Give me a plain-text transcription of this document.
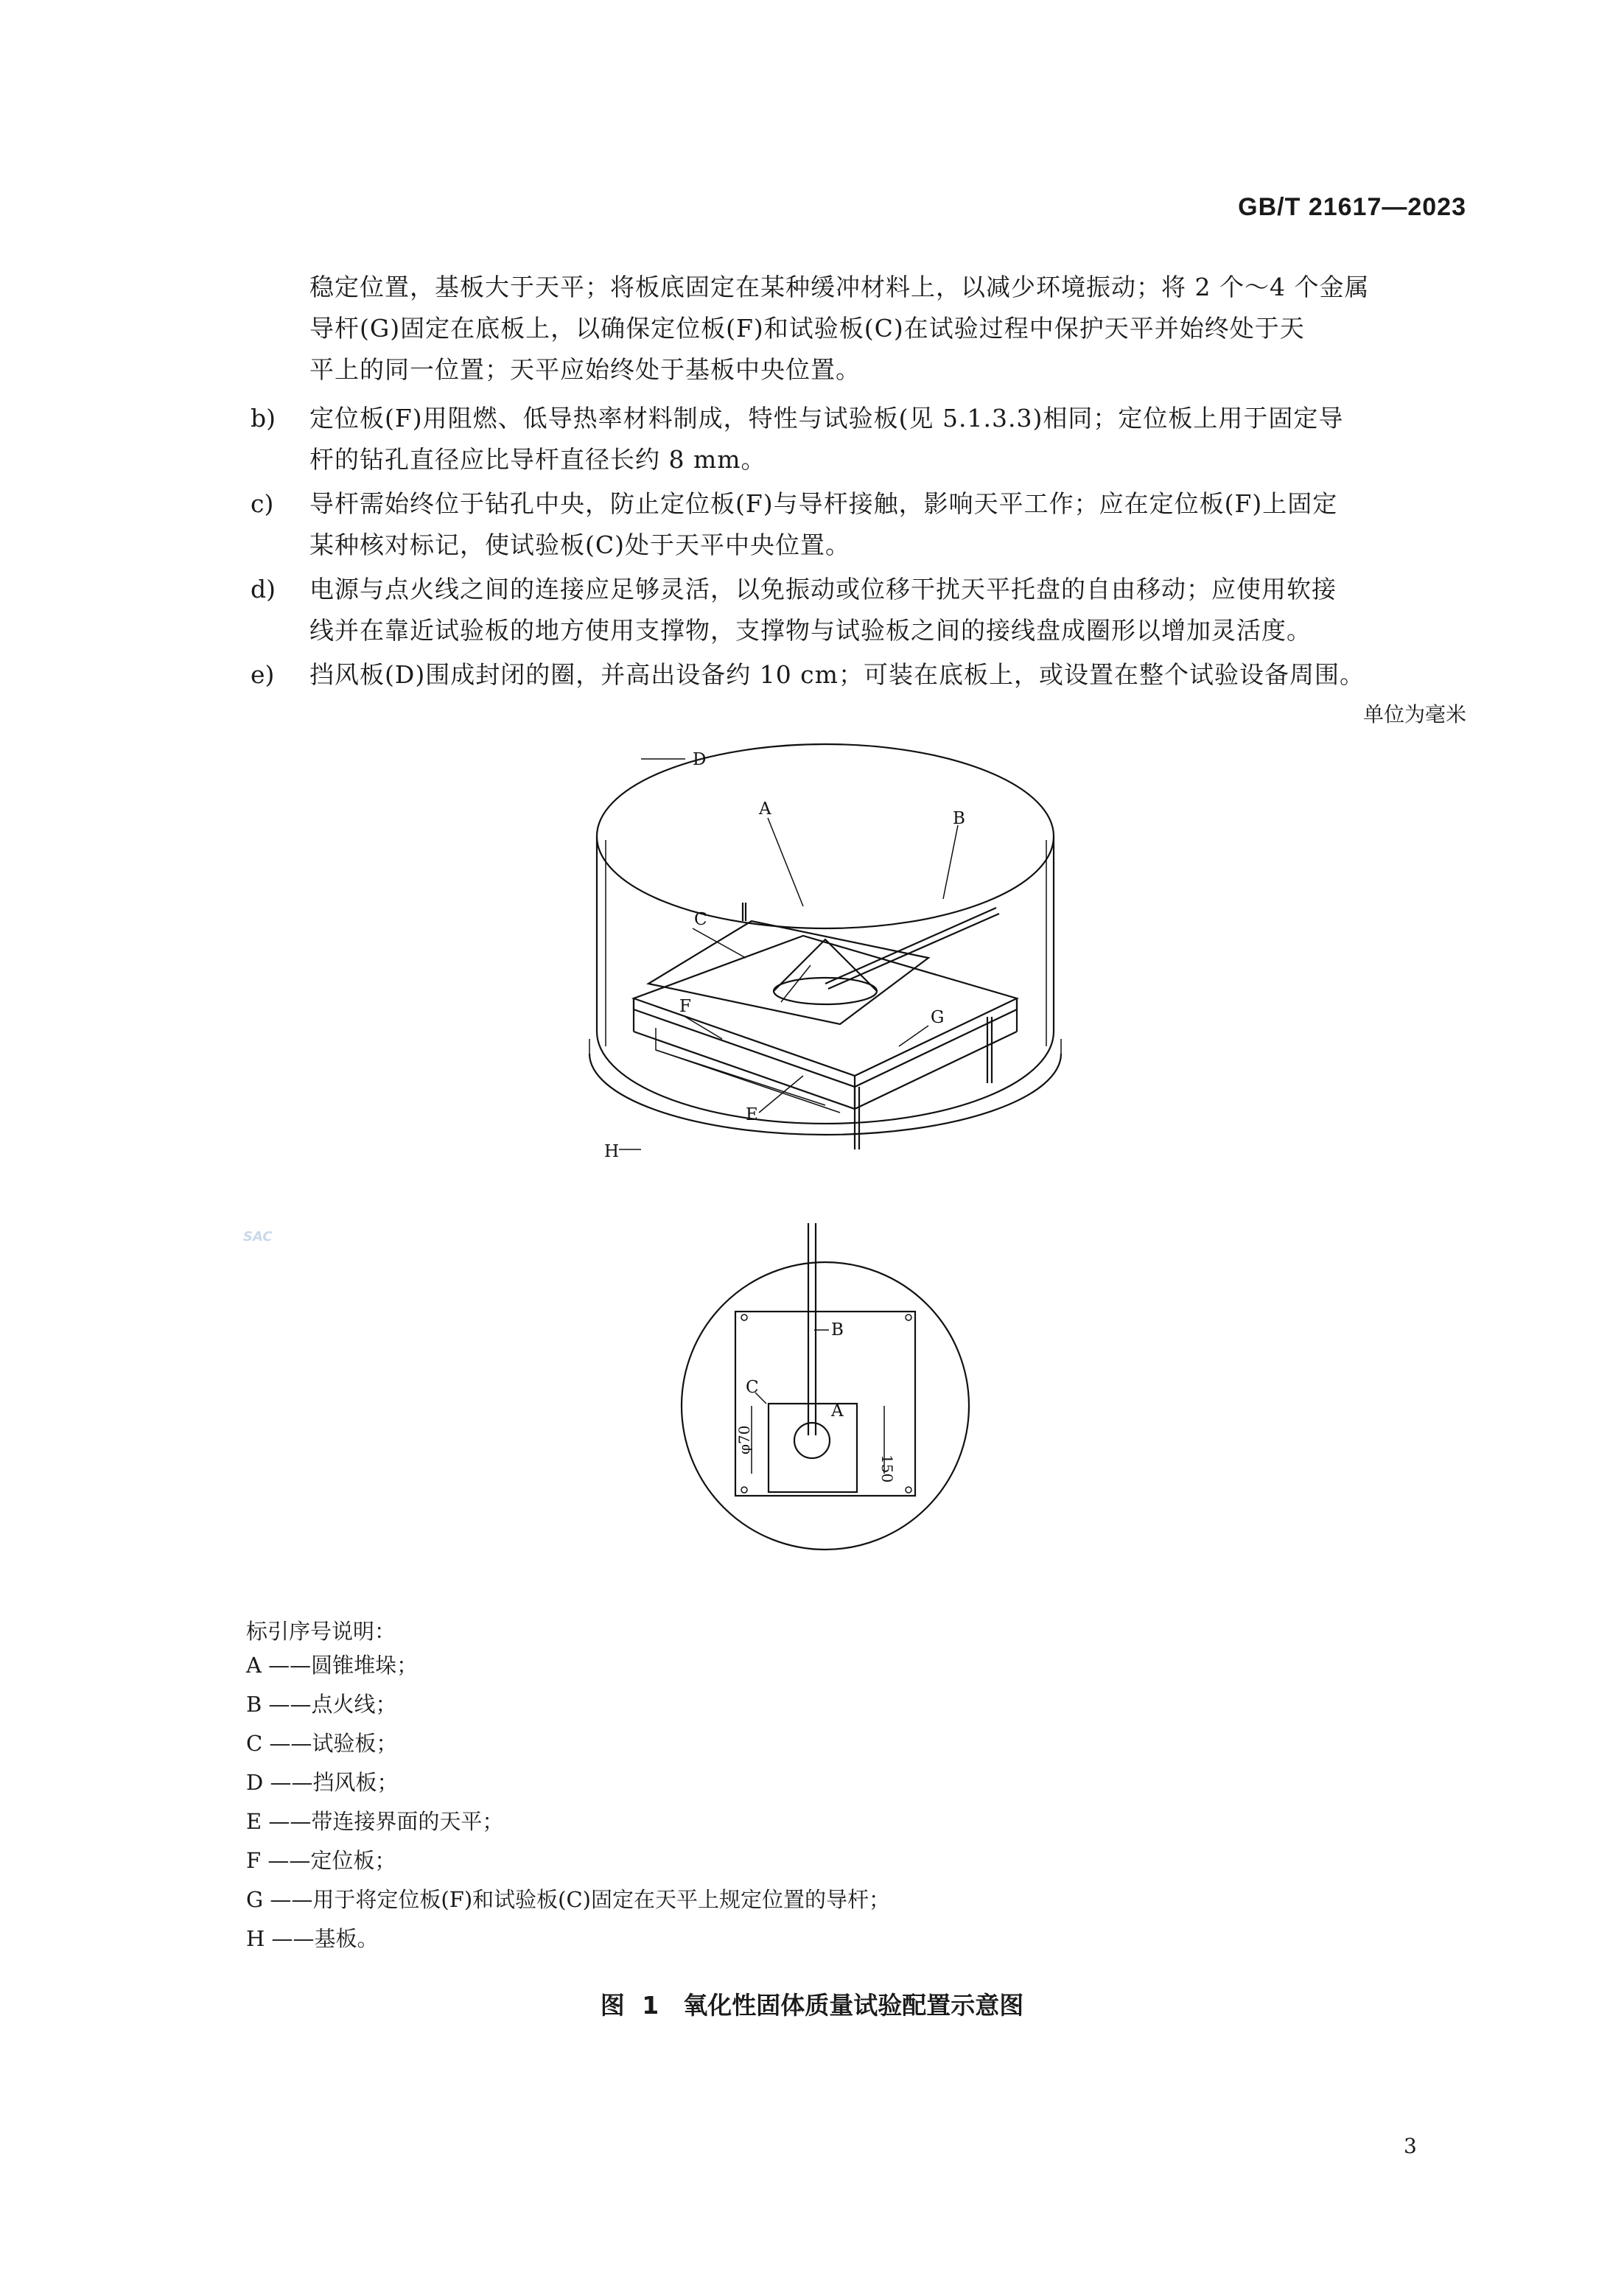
GB/T 21617—2023
稳定位置，基板大于天平；将板底固定在某种缓冲材料上，以减少环境振动；将 2 个～4 个金属
导杆(G)固定在底板上，以确保定位板(F)和试验板(C)在试验过程中保护天平并始终处于天
平上的同一位置；天平应始终处于基板中央位置。
b)	定位板(F)用阻燃、低导热率材料制成，特性与试验板(见 5.1.3.3)相同；定位板上用于固定导
杆的钻孔直径应比导杆直径长约 8 mm。
c)	导杆需始终位于钻孔中央，防止定位板(F)与导杆接触，影响天平工作；应在定位板(F)上固定
某种核对标记，使试验板(C)处于天平中央位置。
d)	电源与点火线之间的连接应足够灵活，以免振动或位移干扰天平托盘的自由移动；应使用软接
线并在靠近试验板的地方使用支撑物，支撑物与试验板之间的接线盘成圈形以增加灵活度。
e)	挡风板(D)围成封闭的圈，并高出设备约 10 cm；可装在底板上，或设置在整个试验设备周围。
单位为毫米
D
B
A
C
F
G
E
H
SAC
B
C
A
φ70
150
标引序号说明：
A ——圆锥堆垛；
B ——点火线；
C ——试验板；
D ——挡风板；
E ——带连接界面的天平；
F ——定位板；
G ——用于将定位板(F)和试验板(C)固定在天平上规定位置的导杆；
H ——基板。
图 1　氧化性固体质量试验配置示意图
3
